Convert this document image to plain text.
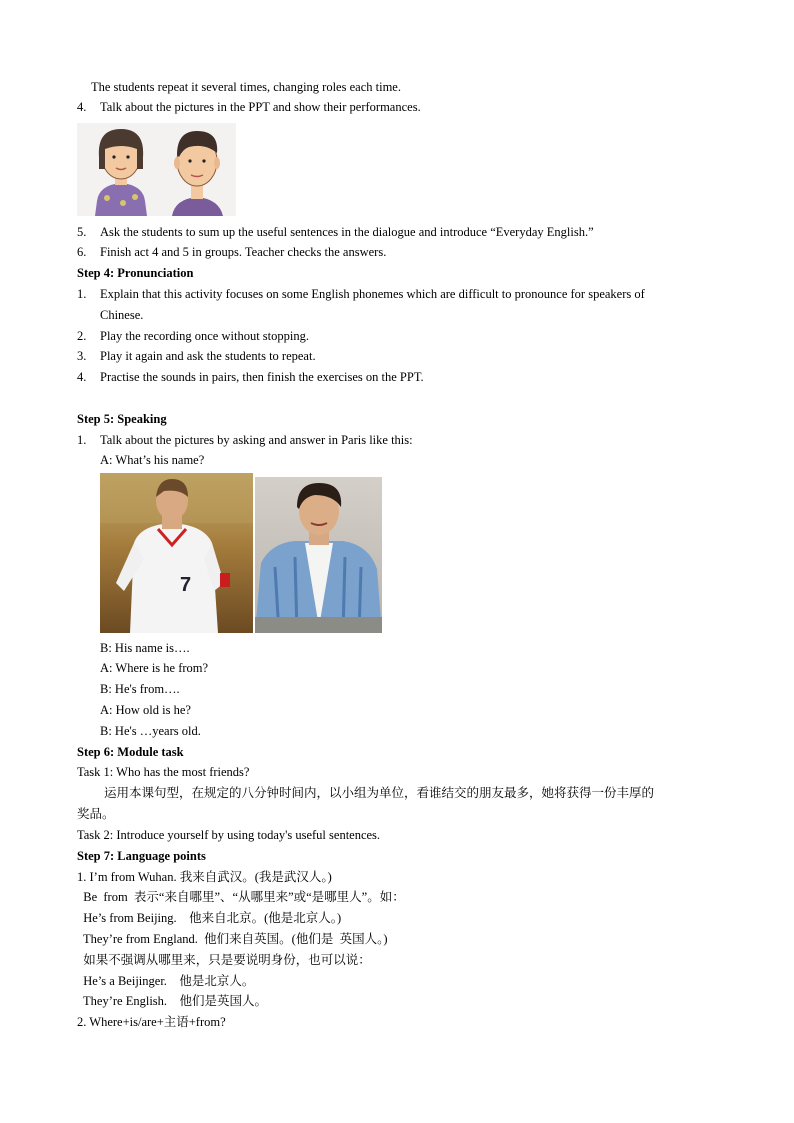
The students repeat it several times, changing roles each time.
4. Talk about the pictures in the PPT and show their performances.
5. Ask the students to sum up the useful sentences in the dialogue and introduce “Everyday English.”
6. Finish act 4 and 5 in groups. Teacher checks the answers.
Step 4: Pronunciation
1. Explain that this activity focuses on some English phonemes which are difficult to pronounce for speakers of
Chinese.
2. Play the recording once without stopping.
3. Play it again and ask the students to repeat.
4. Practise the sounds in pairs, then finish the exercises on the PPT.
Step 5: Speaking
1. Talk about the pictures by asking and answer in Paris like this:
A: What’s his name?
7
B: His name is….
A: Where is he from?
B: He's from….
A: How old is he?
B: He's …years old.
Step 6: Module task
Task 1: Who has the most friends?
运用本课句型，在规定的八分钟时间内，以小组为单位，看谁结交的朋友最多，她将获得一份丰厚的
奖品。
Task 2: Introduce yourself by using today's useful sentences.
Step 7: Language points
1. I’m from Wuhan. 我来自武汉。(我是武汉人。)
Be  from  表示“来自哪里”、“从哪里来”或“是哪里人”。如：
He’s from Beijing.    他来自北京。(他是北京人。)
They’re from England.  他们来自英国。(他们是  英国人。)
如果不强调从哪里来，只是要说明身份，也可以说：
He’s a Beijinger.    他是北京人。
They’re English.    他们是英国人。
2. Where+is/are+主语+from?
